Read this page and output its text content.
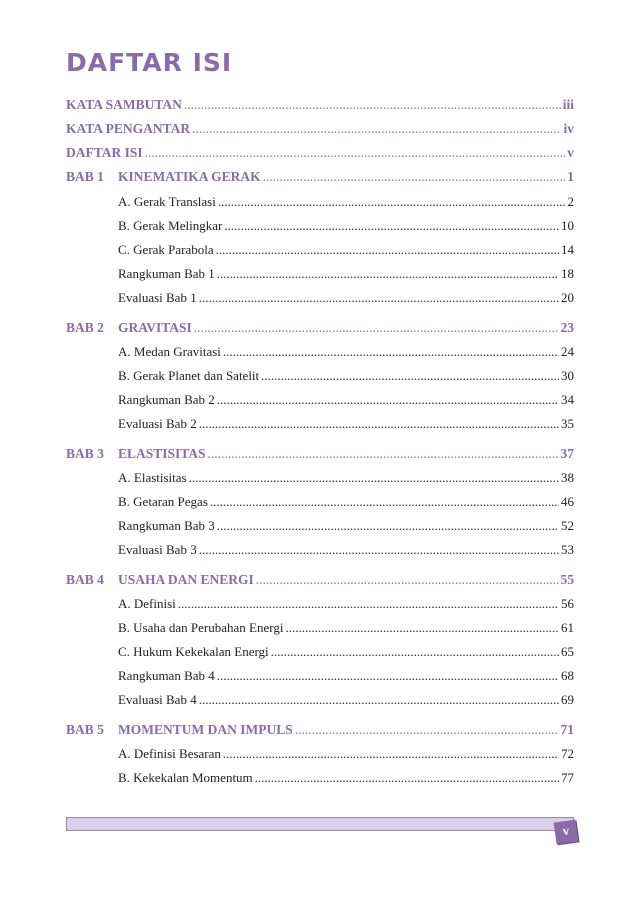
DAFTAR ISI
KATA SAMBUTAN .....	iii
KATA PENGANTAR .....	iv
DAFTAR ISI .....	v
BAB 1	KINEMATIKA GERAK .....	1
A. Gerak Translasi .....	2
B. Gerak Melingkar .....	10
C. Gerak Parabola .....	14
Rangkuman Bab 1 .....	18
Evaluasi Bab 1 .....	20
BAB 2	GRAVITASI .....	23
A. Medan Gravitasi .....	24
B. Gerak Planet dan Satelit .....	30
Rangkuman Bab 2 .....	34
Evaluasi Bab 2 .....	35
BAB 3	ELASTISITAS .....	37
A. Elastisitas .....	38
B. Getaran Pegas .....	46
Rangkuman Bab 3 .....	52
Evaluasi Bab 3 .....	53
BAB 4	USAHA DAN ENERGI .....	55
A. Definisi .....	56
B. Usaha dan Perubahan Energi .....	61
C. Hukum Kekekalan Energi .....	65
Rangkuman Bab 4 .....	68
Evaluasi Bab 4 .....	69
BAB 5	MOMENTUM DAN IMPULS .....	71
A. Definisi Besaran .....	72
B. Kekekalan Momentum .....	77
v
